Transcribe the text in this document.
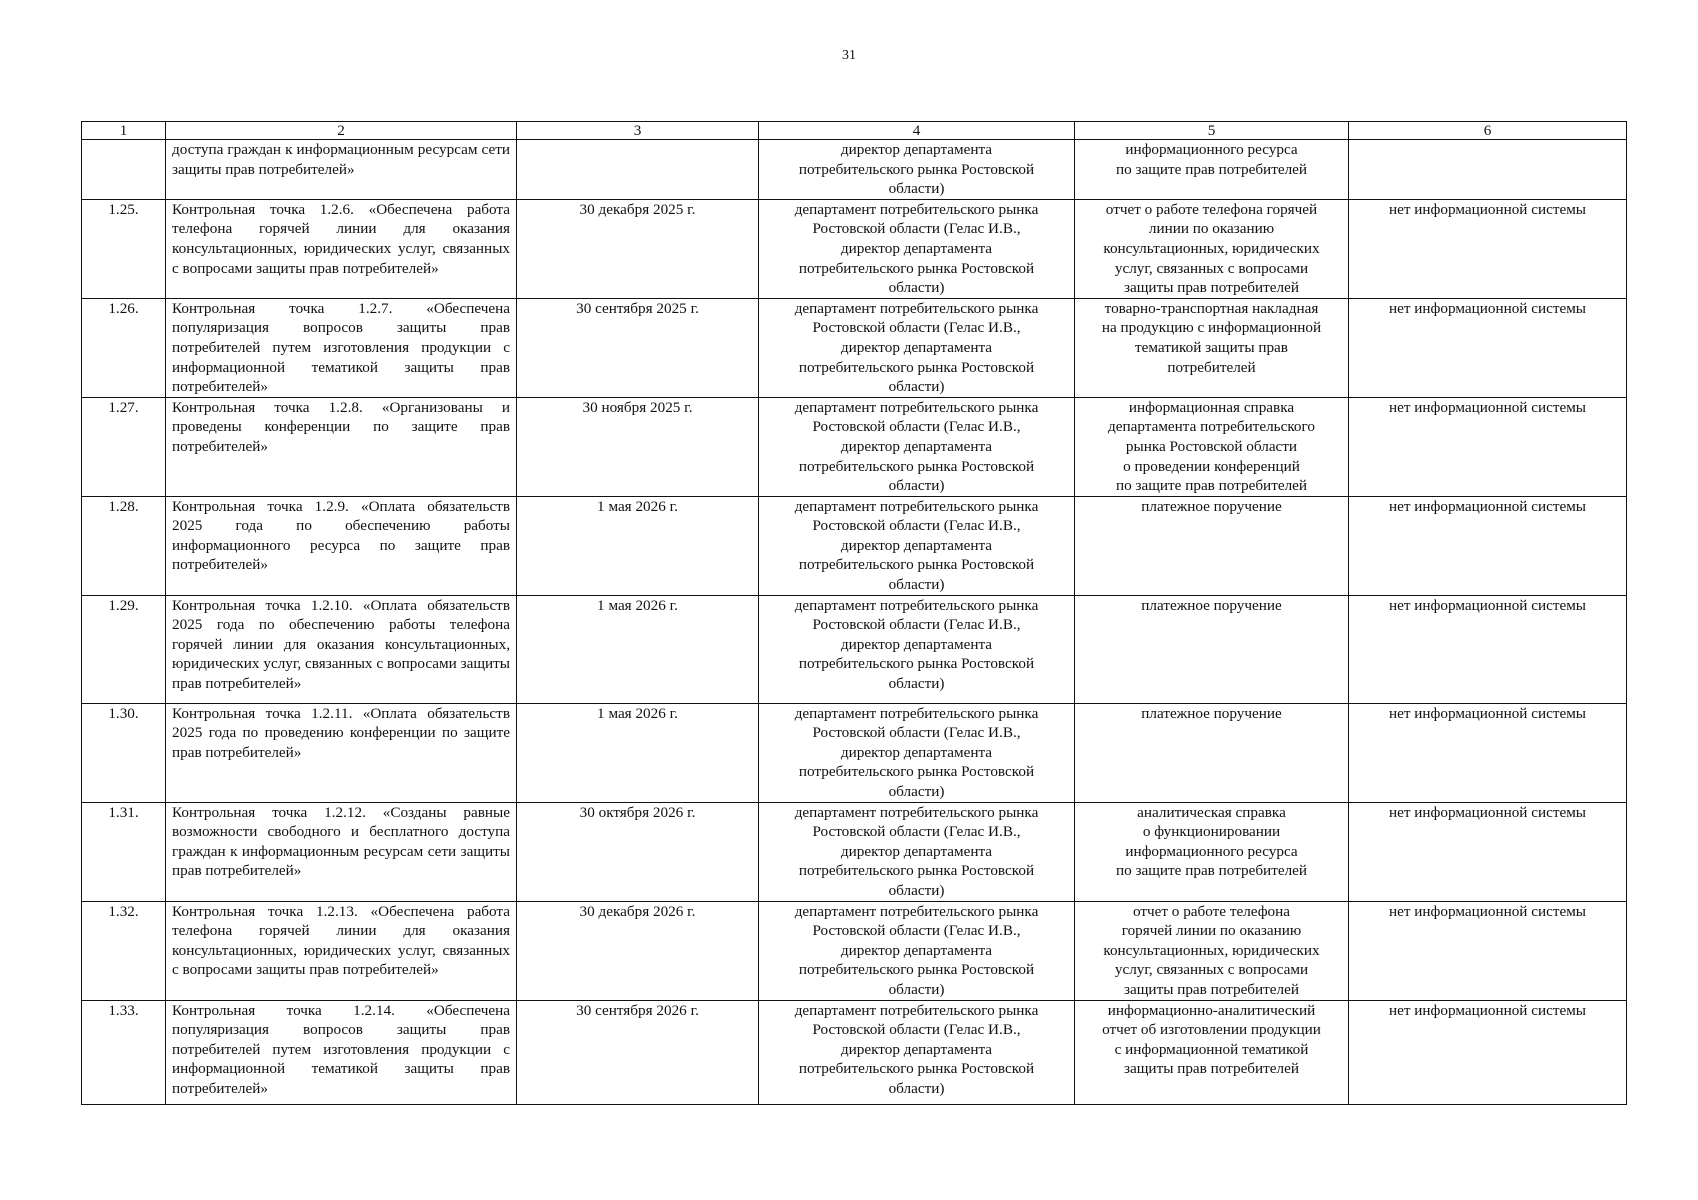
31
1	2	3	4	5	6
	доступа граждан к информационным ресурсам сети защиты прав потребителей»		директор департамента
потребительского рынка Ростовской
области)	информационного ресурса
по защите прав потребителей	

1.25.	Контрольная точка 1.2.6. «Обеспечена работа телефона горячей линии для оказания консультационных, юридических услуг, связанных с вопросами защиты прав потребителей»	30 декабря 2025 г.	департамент потребительского рынка
Ростовской области (Гелас И.В.,
директор департамента
потребительского рынка Ростовской
области)	отчет о работе телефона горячей
линии по оказанию
консультационных, юридических
услуг, связанных с вопросами
защиты прав потребителей	нет информационной системы
1.26.	Контрольная точка 1.2.7. «Обеспечена популяризация вопросов защиты прав потребителей путем изготовления продукции с информационной тематикой защиты прав потребителей»	30 сентября 2025 г.	департамент потребительского рынка
Ростовской области (Гелас И.В.,
директор департамента
потребительского рынка Ростовской
области)	товарно-транспортная накладная
на продукцию с информационной
тематикой защиты прав
потребителей	нет информационной системы
1.27.	Контрольная точка 1.2.8. «Организованы и проведены конференции по защите прав потребителей»	30 ноября 2025 г.	департамент потребительского рынка
Ростовской области (Гелас И.В.,
директор департамента
потребительского рынка Ростовской
области)	информационная справка
департамента потребительского
рынка Ростовской области
о проведении конференций
по защите прав потребителей	нет информационной системы
1.28.	Контрольная точка 1.2.9. «Оплата обязательств 2025 года по обеспечению работы информационного ресурса по защите прав потребителей»	1 мая 2026 г.	департамент потребительского рынка
Ростовской области (Гелас И.В.,
директор департамента
потребительского рынка Ростовской
области)	платежное поручение	нет информационной системы
1.29.	Контрольная точка 1.2.10. «Оплата обязательств 2025 года по обеспечению работы телефона горячей линии для оказания консультационных, юридических услуг, связанных с вопросами защиты прав потребителей»	1 мая 2026 г.	департамент потребительского рынка
Ростовской области (Гелас И.В.,
директор департамента
потребительского рынка Ростовской
области)	платежное поручение	нет информационной системы
1.30.	Контрольная точка 1.2.11. «Оплата обязательств 2025 года по проведению конференции по защите прав потребителей»	1 мая 2026 г.	департамент потребительского рынка
Ростовской области (Гелас И.В.,
директор департамента
потребительского рынка Ростовской
области)	платежное поручение	нет информационной системы
1.31.	Контрольная точка 1.2.12. «Созданы равные возможности свободного и бесплатного доступа граждан к информационным ресурсам сети защиты прав потребителей»	30 октября 2026 г.	департамент потребительского рынка
Ростовской области (Гелас И.В.,
директор департамента
потребительского рынка Ростовской
области)	аналитическая справка
о функционировании
информационного ресурса
по защите прав потребителей	нет информационной системы
1.32.	Контрольная точка 1.2.13. «Обеспечена работа телефона горячей линии для оказания консультационных, юридических услуг, связанных с вопросами защиты прав потребителей»	30 декабря 2026 г.	департамент потребительского рынка
Ростовской области (Гелас И.В.,
директор департамента
потребительского рынка Ростовской
области)	отчет о работе телефона
горячей линии по оказанию
консультационных, юридических
услуг, связанных с вопросами
защиты прав потребителей	нет информационной системы
1.33.	Контрольная точка 1.2.14. «Обеспечена популяризация вопросов защиты прав потребителей путем изготовления продукции с информационной тематикой защиты прав потребителей»	30 сентября 2026 г.	департамент потребительского рынка
Ростовской области (Гелас И.В.,
директор департамента
потребительского рынка Ростовской
области)	информационно-аналитический
отчет об изготовлении продукции
с информационной тематикой
защиты прав потребителей	нет информационной системы
